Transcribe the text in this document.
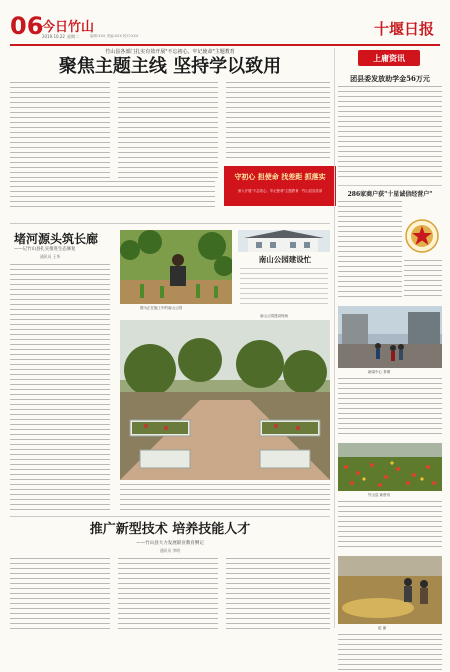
06
今日竹山
2019.10.22 星期二	编辑:XXX 美编:XXX 校对:XXX	十堰日报
竹山县各部门扎实有效开展"不忘初心、牢记使命"主题教育
聚焦主题主线 坚持学以致用
守初心 担使命 找差距 抓落实
深入开展"不忘初心、牢记使命"主题教育 · 竹山县宣传部
上庸资讯
团县委发放助学金56万元
286家商户获"十星诚信经营户"
新闻中心 青铜
竹山县 新资讯
赵 丽
堵河源头筑长廊
——记竹山县扎实推进生态修复
通讯员 王华
图为正在施工中的南山公园
南山公园建设忙
南山公园建设现场
推广新型技术 培养技能人才
——竹山县大力发展职业教育侧记
通讯员 李明
